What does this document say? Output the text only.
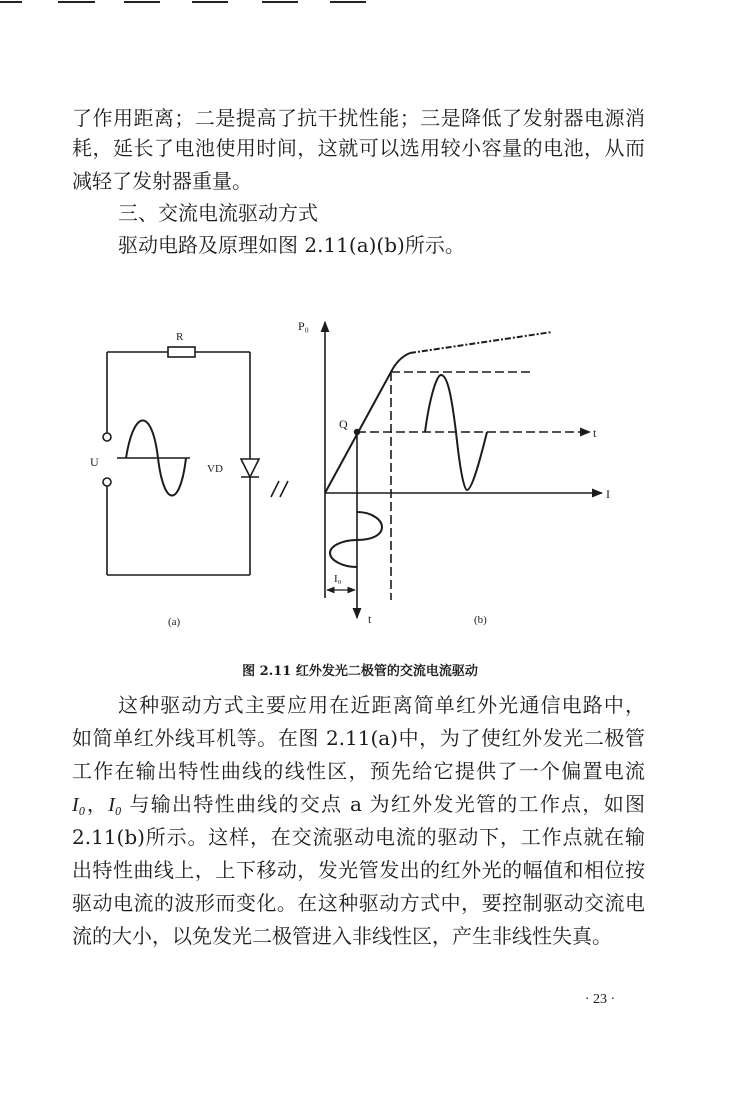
了作用距离；二是提高了抗干扰性能；三是降低了发射器电源消
耗，延长了电池使用时间，这就可以选用较小容量的电池，从而
减轻了发射器重量。
三、交流电流驱动方式
驱动电路及原理如图 2.11(a)(b)所示。
R
U	VD
(a)
P₀
Q
t
I
I₀
t	(b)
图 2.11 红外发光二极管的交流电流驱动
这种驱动方式主要应用在近距离简单红外光通信电路中，
如简单红外线耳机等。在图 2.11(a)中，为了使红外发光二极管
工作在输出特性曲线的线性区，预先给它提供了一个偏置电流
I₀，I₀ 与输出特性曲线的交点 a 为红外发光管的工作点，如图
2.11(b)所示。这样，在交流驱动电流的驱动下，工作点就在输
出特性曲线上，上下移动，发光管发出的红外光的幅值和相位按
驱动电流的波形而变化。在这种驱动方式中，要控制驱动交流电
流的大小，以免发光二极管进入非线性区，产生非线性失真。
· 23 ·
